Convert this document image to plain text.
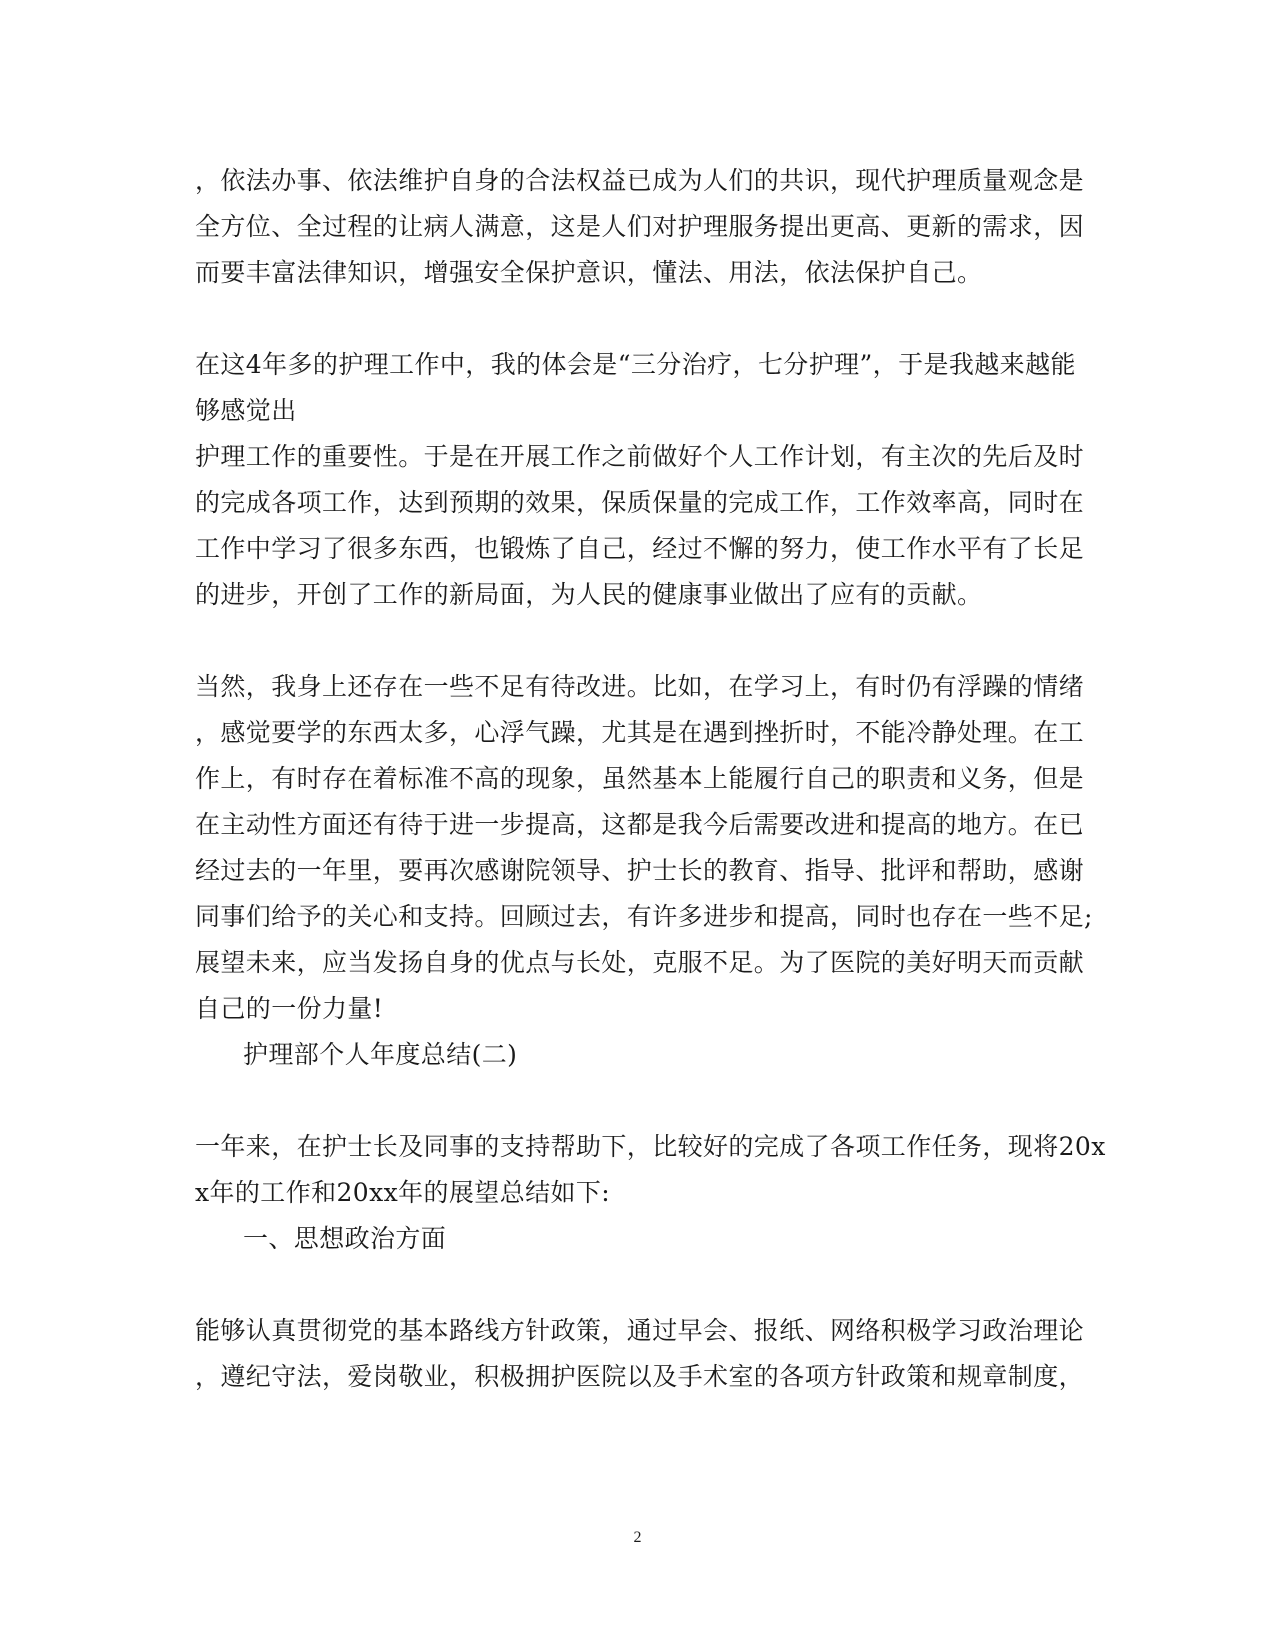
，依法办事、依法维护自身的合法权益已成为人们的共识，现代护理质量观念是
全方位、全过程的让病人满意，这是人们对护理服务提出更高、更新的需求，因
而要丰富法律知识，增强安全保护意识，懂法、用法，依法保护自己。
在这4年多的护理工作中，我的体会是“三分治疗，七分护理”，于是我越来越能
够感觉出
护理工作的重要性。于是在开展工作之前做好个人工作计划，有主次的先后及时
的完成各项工作，达到预期的效果，保质保量的完成工作，工作效率高，同时在
工作中学习了很多东西，也锻炼了自己，经过不懈的努力，使工作水平有了长足
的进步，开创了工作的新局面，为人民的健康事业做出了应有的贡献。
当然，我身上还存在一些不足有待改进。比如，在学习上，有时仍有浮躁的情绪
，感觉要学的东西太多，心浮气躁，尤其是在遇到挫折时，不能冷静处理。在工
作上，有时存在着标准不高的现象，虽然基本上能履行自己的职责和义务，但是
在主动性方面还有待于进一步提高，这都是我今后需要改进和提高的地方。在已
经过去的一年里，要再次感谢院领导、护士长的教育、指导、批评和帮助，感谢
同事们给予的关心和支持。回顾过去，有许多进步和提高，同时也存在一些不足;
展望未来，应当发扬自身的优点与长处，克服不足。为了医院的美好明天而贡献
自己的一份力量!
护理部个人年度总结(二)
一年来，在护士长及同事的支持帮助下，比较好的完成了各项工作任务，现将20x
x年的工作和20xx年的展望总结如下:
一、思想政治方面
能够认真贯彻党的基本路线方针政策，通过早会、报纸、网络积极学习政治理论
，遵纪守法，爱岗敬业，积极拥护医院以及手术室的各项方针政策和规章制度，
2
